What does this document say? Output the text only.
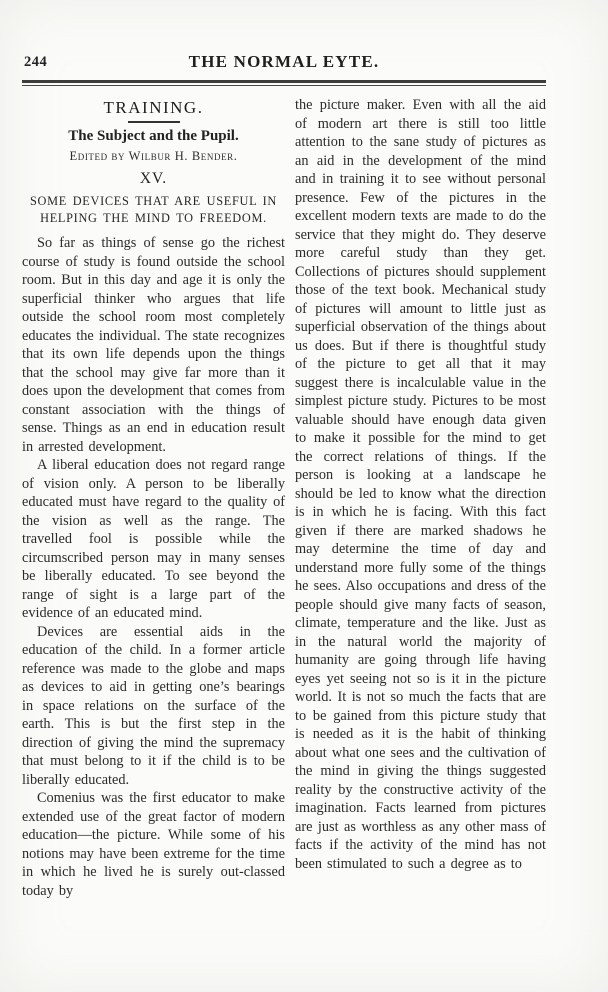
244	THE NORMAL EYTE.
TRAINING.
The Subject and the Pupil.

Edited by Wilbur H. Bender.

XV.

SOME DEVICES THAT ARE USEFUL IN HELPING THE MIND TO FREEDOM.

So far as things of sense go the richest course of study is found outside the school room. But in this day and age it is only the superficial thinker who argues that life outside the school room most completely educates the individual. The state recognizes that its own life depends upon the things that the school may give far more than it does upon the development that comes from constant association with the things of sense. Things as an end in education result in arrested development.

A liberal education does not regard range of vision only. A person to be liberally educated must have regard to the quality of the vision as well as the range. The travelled fool is possible while the circumscribed person may in many senses be liberally educated. To see beyond the range of sight is a large part of the evidence of an educated mind.

Devices are essential aids in the education of the child. In a former article reference was made to the globe and maps as devices to aid in getting one’s bearings in space relations on the surface of the earth. This is but the first step in the direction of giving the mind the supremacy that must belong to it if the child is to be liberally educated.

Comenius was the first educator to make extended use of the great factor of modern education—the picture. While some of his notions may have been extreme for the time in which he lived he is surely out-classed today by

the picture maker. Even with all the aid of modern art there is still too little attention to the sane study of pictures as an aid in the development of the mind and in training it to see without personal presence. Few of the pictures in the excellent modern texts are made to do the service that they might do. They deserve more careful study than they get. Collections of pictures should supplement those of the text book. Mechanical study of pictures will amount to little just as superficial observation of the things about us does. But if there is thoughtful study of the picture to get all that it may suggest there is incalculable value in the simplest picture study. Pictures to be most valuable should have enough data given to make it possible for the mind to get the correct relations of things. If the person is looking at a landscape he should be led to know what the direction is in which he is facing. With this fact given if there are marked shadows he may determine the time of day and understand more fully some of the things he sees. Also occupations and dress of the people should give many facts of season, climate, temperature and the like. Just as in the natural world the majority of humanity are going through life having eyes yet seeing not so is it in the picture world. It is not so much the facts that are to be gained from this picture study that is needed as it is the habit of thinking about what one sees and the cultivation of the mind in giving the things suggested reality by the constructive activity of the imagination. Facts learned from pictures are just as worthless as any other mass of facts if the activity of the mind has not been stimulated to such a degree as to
